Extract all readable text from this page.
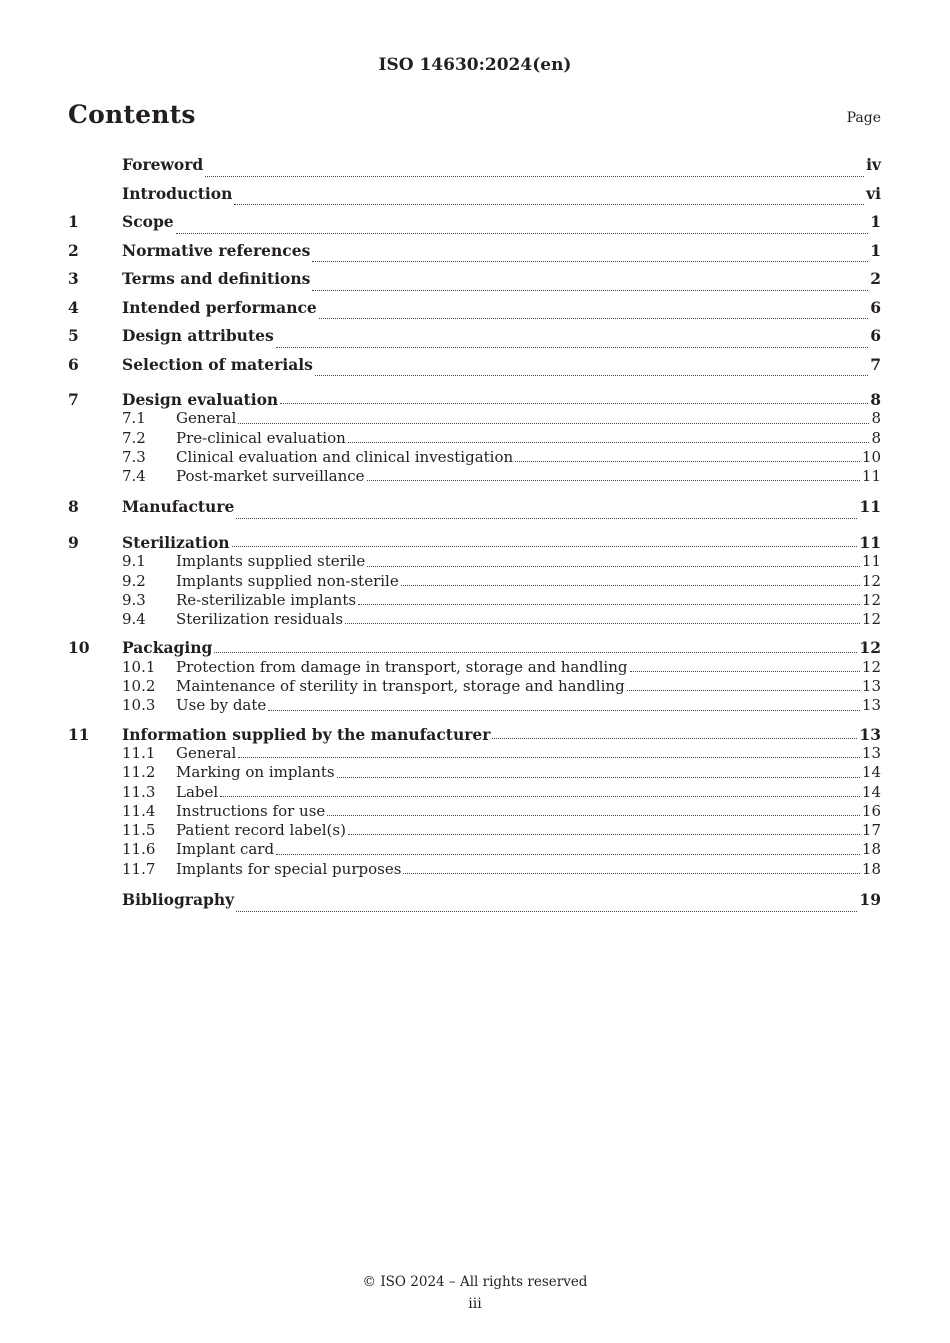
ISO 14630:2024(en)
Contents	Page
Foreword	iv
Introduction	vi
1	Scope	1
2	Normative references	1
3	Terms and definitions	2
4	Intended performance	6
5	Design attributes	6
6	Selection of materials	7
7	Design evaluation	8
7.1	General	8
7.2	Pre-clinical evaluation	8
7.3	Clinical evaluation and clinical investigation	10
7.4	Post-market surveillance	11
8	Manufacture	11
9	Sterilization	11
9.1	Implants supplied sterile	11
9.2	Implants supplied non-sterile	12
9.3	Re-sterilizable implants	12
9.4	Sterilization residuals	12
10	Packaging	12
10.1	Protection from damage in transport, storage and handling	12
10.2	Maintenance of sterility in transport, storage and handling	13
10.3	Use by date	13
11	Information supplied by the manufacturer	13
11.1	General	13
11.2	Marking on implants	14
11.3	Label	14
11.4	Instructions for use	16
11.5	Patient record label(s)	17
11.6	Implant card	18
11.7	Implants for special purposes	18
Bibliography	19
© ISO 2024 – All rights reserved
iii
